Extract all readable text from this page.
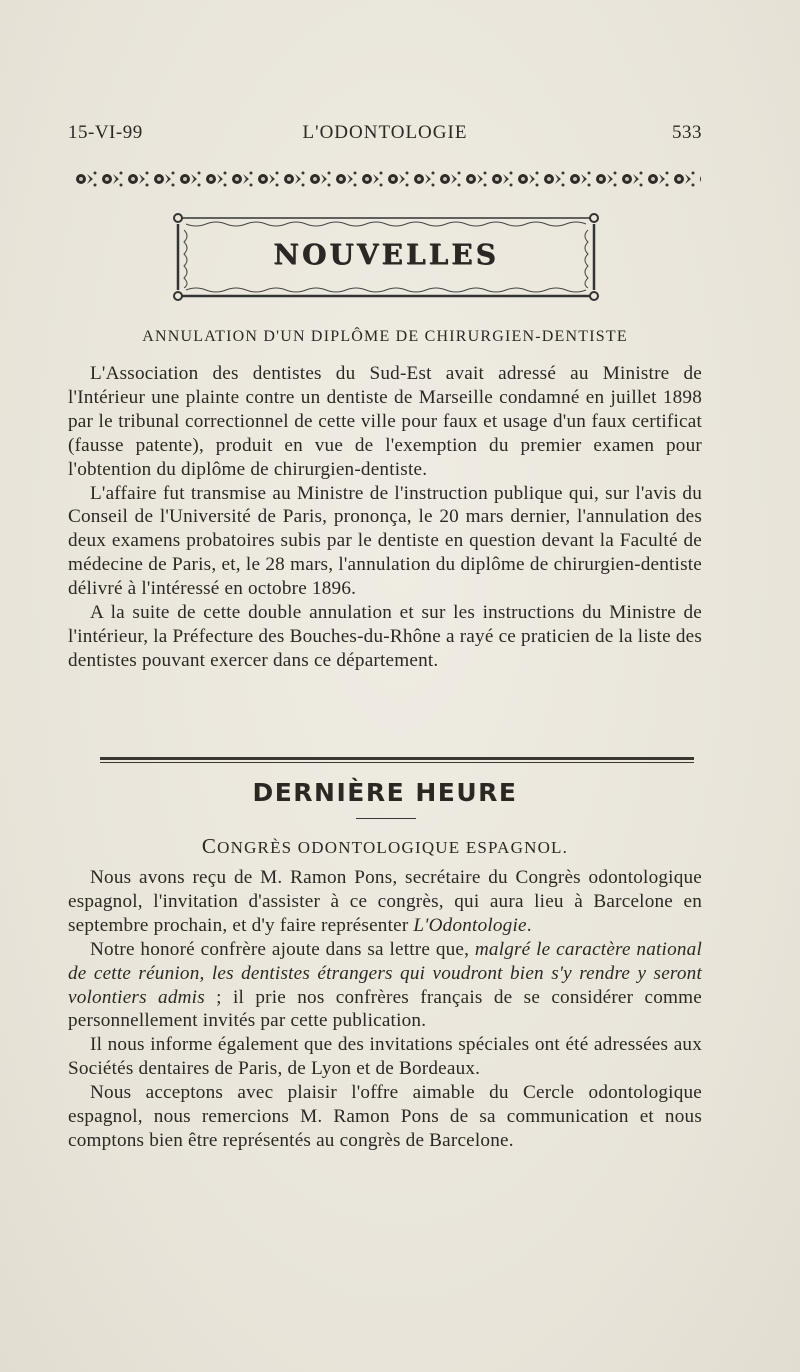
15-VI-99	L'ODONTOLOGIE	533
NOUVELLES
ANNULATION D'UN DIPLÔME DE CHIRURGIEN-DENTISTE

L'Association des dentistes du Sud-Est avait adressé au Ministre de l'Intérieur une plainte contre un dentiste de Marseille condamné en juillet 1898 par le tribunal correctionnel de cette ville pour faux et usage d'un faux certificat (fausse patente), produit en vue de l'exemption du premier examen pour l'obtention du diplôme de chirurgien-dentiste.

L'affaire fut transmise au Ministre de l'instruction publique qui, sur l'avis du Conseil de l'Université de Paris, prononça, le 20 mars dernier, l'annulation des deux examens probatoires subis par le dentiste en question devant la Faculté de médecine de Paris, et, le 28 mars, l'annulation du diplôme de chirurgien-dentiste délivré à l'intéressé en octobre 1896.

A la suite de cette double annulation et sur les instructions du Ministre de l'intérieur, la Préfecture des Bouches-du-Rhône a rayé ce praticien de la liste des dentistes pouvant exercer dans ce département.

DERNIÈRE HEURE
CONGRÈS ODONTOLOGIQUE ESPAGNOL.

Nous avons reçu de M. Ramon Pons, secrétaire du Congrès odontologique espagnol, l'invitation d'assister à ce congrès, qui aura lieu à Barcelone en septembre prochain, et d'y faire représenter L'Odontologie.

Notre honoré confrère ajoute dans sa lettre que, malgré le caractère national de cette réunion, les dentistes étrangers qui voudront bien s'y rendre y seront volontiers admis ; il prie nos confrères français de se considérer comme personnellement invités par cette publication.

Il nous informe également que des invitations spéciales ont été adressées aux Sociétés dentaires de Paris, de Lyon et de Bordeaux.

Nous acceptons avec plaisir l'offre aimable du Cercle odontologique espagnol, nous remercions M. Ramon Pons de sa communication et nous comptons bien être représentés au congrès de Barcelone.
